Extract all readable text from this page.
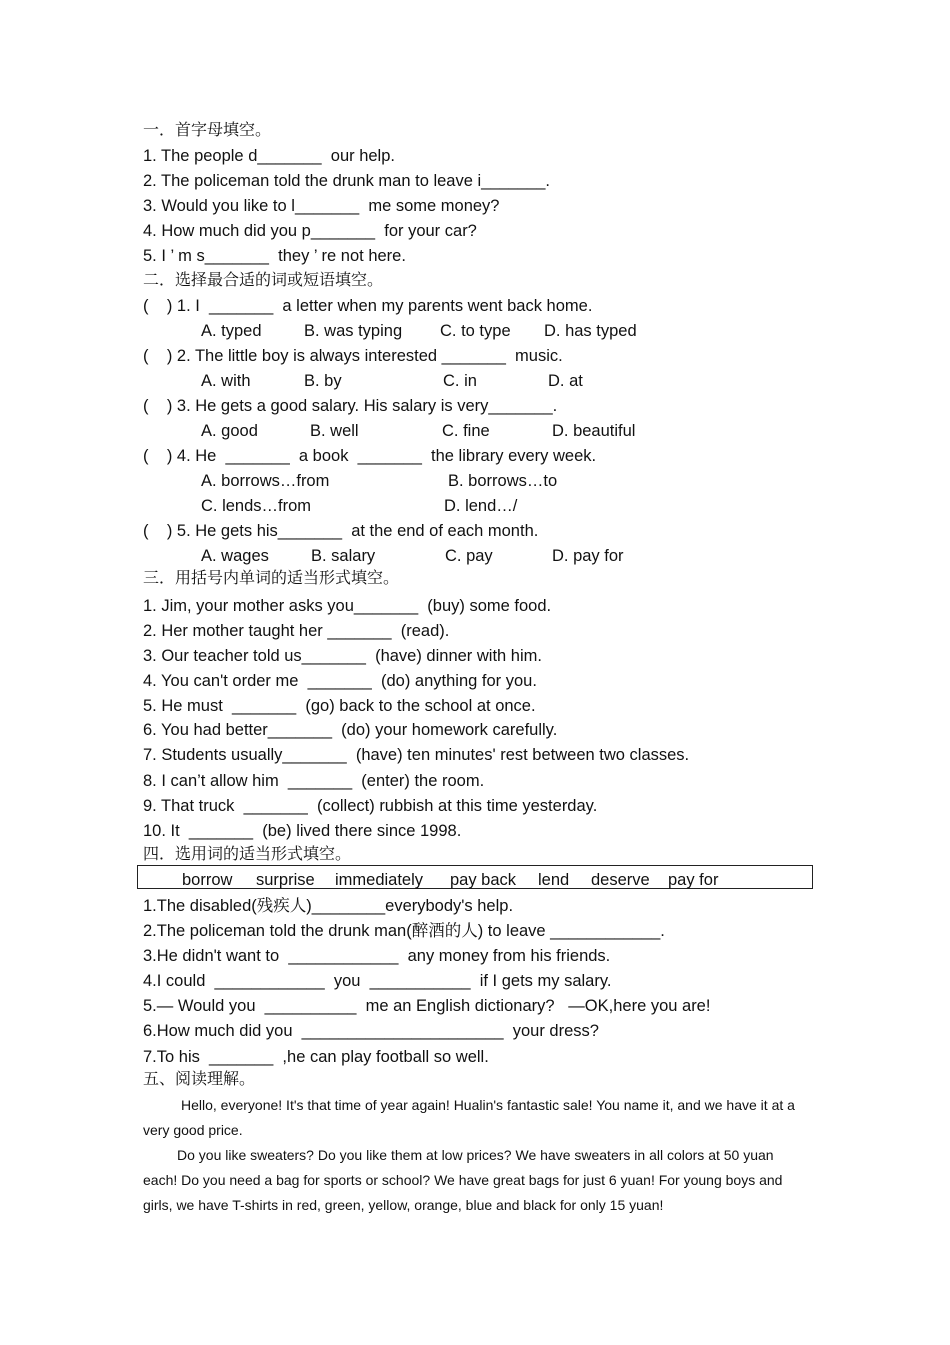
一．首字母填空。
1. The people d_______  our help.
2. The policeman told the drunk man to leave i_______.
3. Would you like to l_______  me some money?
4. How much did you p_______  for your car?
5. I ’ m s_______  they ’ re not here.
二．选择最合适的词或短语填空。
(    ) 1. I  _______  a letter when my parents went back home.
A. typed	B. was typing C. to type D. has typed
(    ) 2. The little boy is always interested _______  music.
A. with	B. by	C. in	D. at
(    ) 3. He gets a good salary. His salary is very_______.
A. good	B. well	C. fine	D. beautiful
(    ) 4. He  _______  a book  _______  the library every week.
A. borrows…from	B. borrows…to
C. lends…from	D. lend…/
(    ) 5. He gets his_______  at the end of each month.
A. wages	B. salary	C. pay	D. pay for
三．用括号内单词的适当形式填空。
1. Jim, your mother asks you_______  (buy) some food.
2. Her mother taught her _______  (read).
3. Our teacher told us_______  (have) dinner with him.
4. You can't order me  _______  (do) anything for you.
5. He must  _______  (go) back to the school at once.
6. You had better_______  (do) your homework carefully.
7. Students usually_______  (have) ten minutes' rest between two classes.
8. I can’t allow him  _______  (enter) the room.
9. That truck  _______  (collect) rubbish at this time yesterday.
10. It  _______  (be) lived there since 1998.
四．选用词的适当形式填空。
borrow surprise immediately pay back lend deserve pay for
1.The disabled(残疾人)________everybody's help.
2.The policeman told the drunk man(醉酒的人) to leave ____________.
3.He didn't want to  ____________  any money from his friends.
4.I could  ____________  you  ___________  if I gets my salary.
5.— Would you  __________  me an English dictionary?   —OK,here you are!
6.How much did you  ______________________  your dress?
7.To his  _______  ,he can play football so well.
五、阅读理解。
Hello, everyone! It's that time of year again! Hualin's fantastic sale! You name it, and we have it at a very good price.
Do you like sweaters? Do you like them at low prices? We have sweaters in all colors at 50 yuan each! Do you need a bag for sports or school? We have great bags for just 6 yuan! For young boys and girls, we have T-shirts in red, green, yellow, orange, blue and black for only 15 yuan!
